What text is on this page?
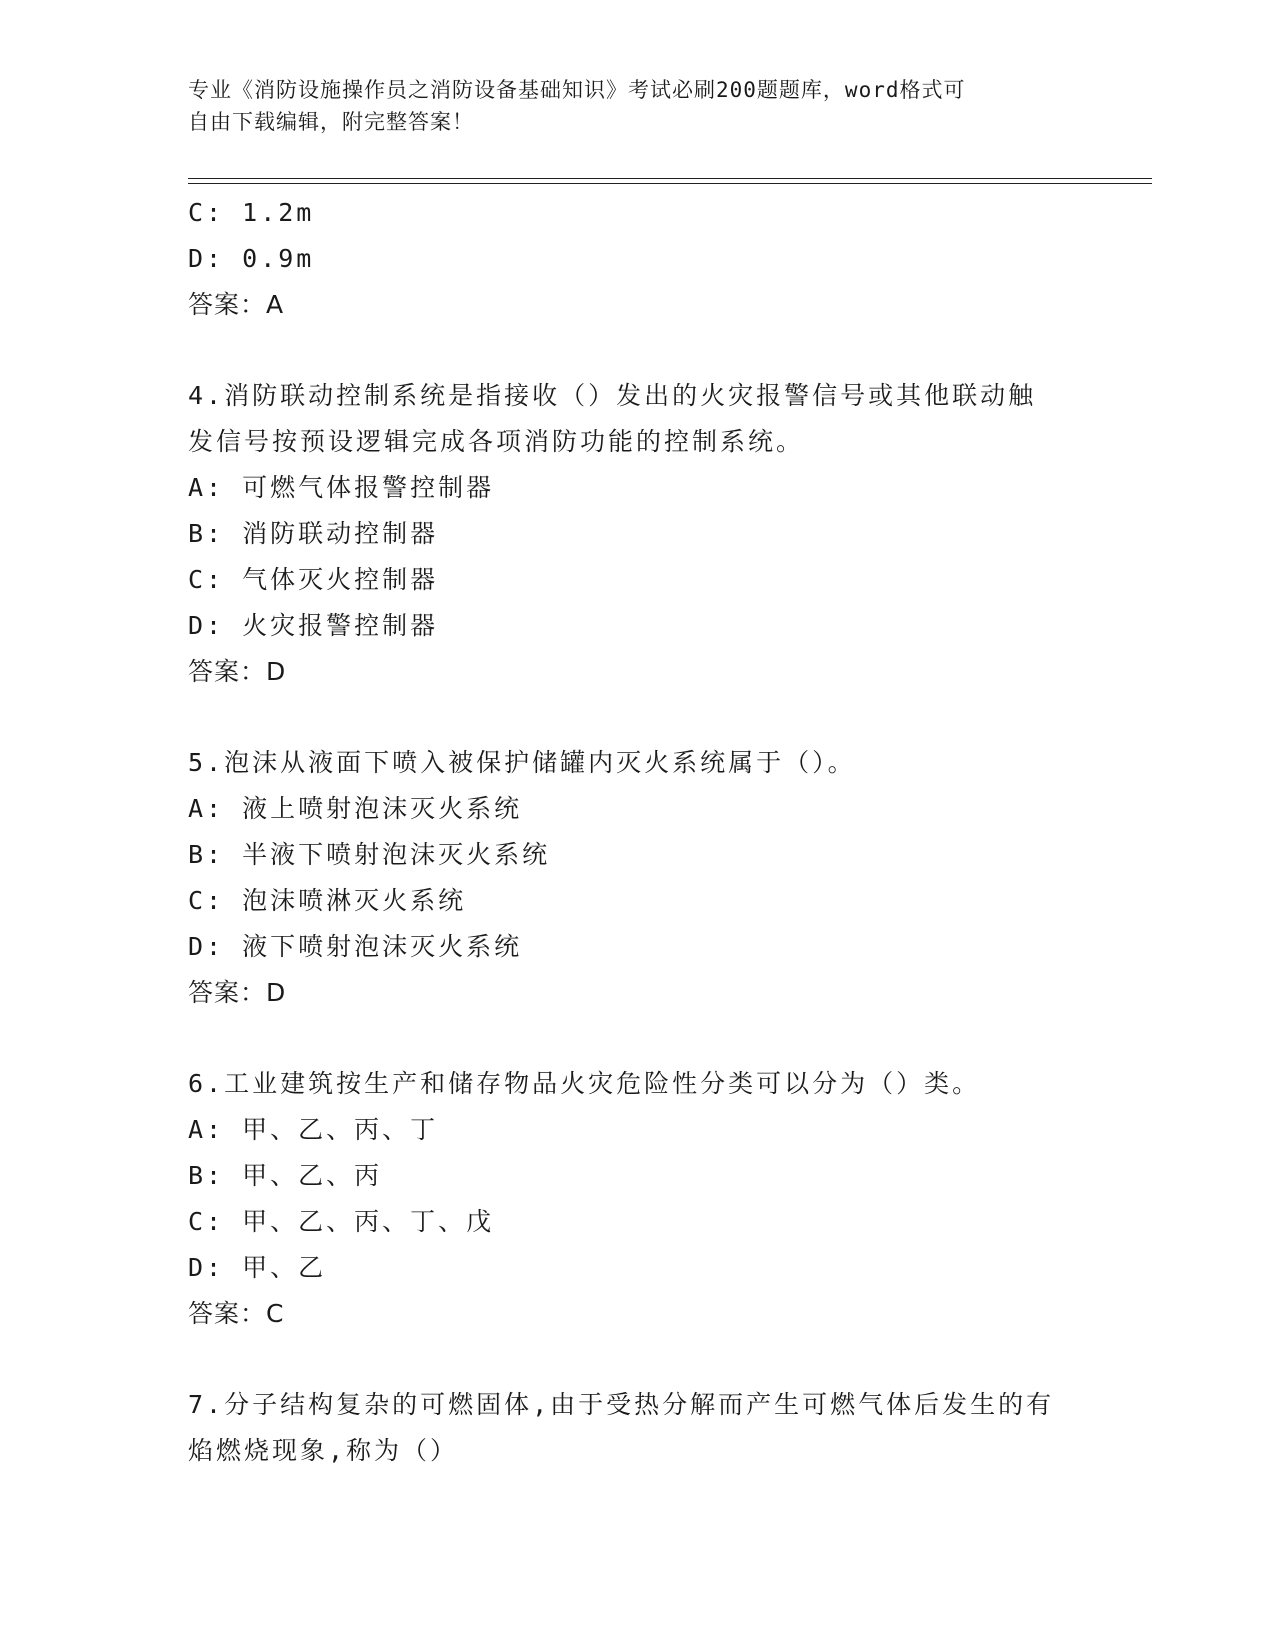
专业《消防设施操作员之消防设备基础知识》考试必刷200题题库，word格式可
自由下载编辑，附完整答案！
C: 1.2m
D: 0.9m
答案：A
4.消防联动控制系统是指接收（）发出的火灾报警信号或其他联动触
发信号按预设逻辑完成各项消防功能的控制系统。
A: 可燃气体报警控制器
B: 消防联动控制器
C: 气体灭火控制器
D: 火灾报警控制器
答案：D
5.泡沫从液面下喷入被保护储罐内灭火系统属于（）。
A: 液上喷射泡沫灭火系统
B: 半液下喷射泡沫灭火系统
C: 泡沫喷淋灭火系统
D: 液下喷射泡沫灭火系统
答案：D
6.工业建筑按生产和储存物品火灾危险性分类可以分为（）类。
A: 甲、乙、丙、丁
B: 甲、乙、丙
C: 甲、乙、丙、丁、戊
D: 甲、乙
答案：C
7.分子结构复杂的可燃固体,由于受热分解而产生可燃气体后发生的有
焰燃烧现象,称为（）
